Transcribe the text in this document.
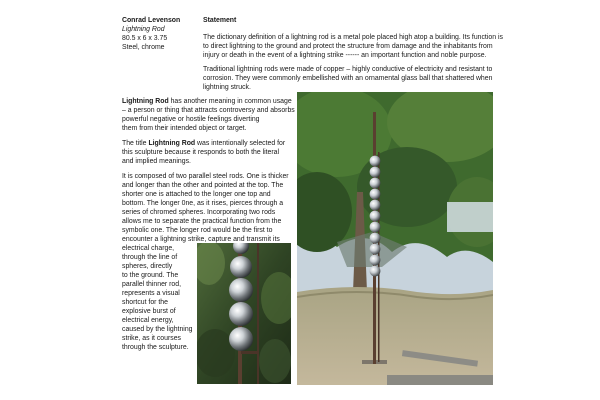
Conrad Levenson
Lightning Rod
80.5 x 6 x 3.75
Steel, chrome
Statement
The dictionary definition of a lightning rod is a metal pole placed high atop a building. Its function is
to direct lightning to the ground and protect the structure from damage and the inhabitants from
injury or death in the event of a lightning strike ------ an important function and noble purpose.
Traditional lightning rods were made of copper – highly conductive of electricity and resistant to
corrosion. They were commonly embellished with an ornamental glass ball that shattered when
lightning struck.
Lightning Rod has another meaning in common usage
– a person or thing that attracts controversy and absorbs
powerful negative or hostile feelings diverting
them from their intended object or target.
The title Lightning Rod was intentionally selected for
this sculpture because it responds to both the literal
and implied meanings.
It is composed of two parallel steel rods. One is thicker
and longer than the other and pointed at the top. The
shorter one is attached to the longer one top and
bottom. The longer 0ne, as it rises, pierces through a
series of chromed spheres. Incorporating two rods
allows me to separate the practical function from the
symbolic one. The longer rod would be the first to
encounter a lightning strike, capture and transmit its
electrical charge,
through the line of
spheres, directly
to the ground. The
parallel thinner rod,
represents a visual
shortcut for the
explosive burst of
electrical energy,
caused by the lightning
strike, as it courses
through the sculpture.
